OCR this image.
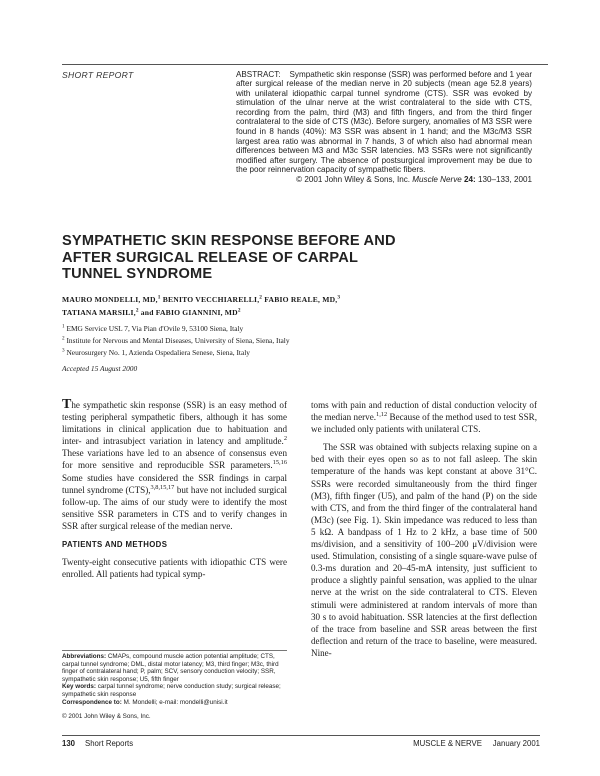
SHORT REPORT	ABSTRACT: Sympathetic skin response (SSR) was performed before and 1 year after surgical release of the median nerve in 20 subjects (mean age 52.8 years) with unilateral idiopathic carpal tunnel syndrome (CTS). SSR was evoked by stimulation of the ulnar nerve at the wrist contralateral to the side with CTS, recording from the palm, third (M3) and fifth fingers, and from the third finger contralateral to the side of CTS (M3c). Before surgery, anomalies of M3 SSR were found in 8 hands (40%): M3 SSR was absent in 1 hand; and the M3c/M3 SSR largest area ratio was abnormal in 7 hands, 3 of which also had abnormal mean differences between M3 and M3c SSR latencies. M3 SSRs were not significantly modified after surgery. The absence of postsurgical improvement may be due to the poor reinnervation capacity of sympathetic fibers.

© 2001 John Wiley & Sons, Inc. Muscle Nerve 24: 130–133, 2001

SYMPATHETIC SKIN RESPONSE BEFORE AND
AFTER SURGICAL RELEASE OF CARPAL
TUNNEL SYNDROME
MAURO MONDELLI, MD,$^1$ BENITO VECCHIARELLI,$^2$ FABIO REALE, MD,$^3$
TATIANA MARSILI,$^2$ and FABIO GIANNINI, $MD^2$
$^1$ EMG Service USL 7, Via Pian d'Ovile 9, 53100 Siena, Italy
$^2$ Institute for Nervous and Mental Diseases, University of Siena, Siena, Italy
$^3$ Neurosurgery No. 1, Azienda Ospedaliera Senese, Siena, Italy
Accepted 15 August 2000

The sympathetic skin response (SSR) is an easy method of testing peripheral sympathetic fibers, although it has some limitations in clinical application due to habituation and inter- and intrasubject variation in latency and amplitude.$^2$ These variations have led to an absence of consensus even for more sensitive and reproducible SSR parameters.$^{15,16}$ Some studies have considered the SSR findings in carpal tunnel syndrome (CTS),$^{3,8,15,17}$ but have not included surgical follow-up. The aims of our study were to identify the most sensitive SSR parameters in CTS and to verify changes in SSR after surgical release of the median nerve.

PATIENTS AND METHODS

Twenty-eight consecutive patients with idiopathic CTS were enrolled. All patients had typical symp-

toms with pain and reduction of distal conduction velocity of the median nerve.$^{1,12}$ Because of the method used to test SSR, we included only patients with unilateral CTS.

The SSR was obtained with subjects relaxing supine on a bed with their eyes open so as to not fall asleep. The skin temperature of the hands was kept constant at above 31°C. SSRs were recorded simultaneously from the third finger (M3), fifth finger (U5), and palm of the hand (P) on the side with CTS, and from the third finger of the contralateral hand (M3c) (see Fig. 1). Skin impedance was reduced to less than 5 kΩ. A bandpass of 1 Hz to 2 kHz, a base time of 500 ms/division, and a sensitivity of 100–200 μV/division were used. Stimulation, consisting of a single square-wave pulse of 0.3-ms duration and 20–45-mA intensity, just sufficient to produce a slightly painful sensation, was applied to the ulnar nerve at the wrist on the side contralateral to CTS. Eleven stimuli were administered at random intervals of more than 30 s to avoid habituation. SSR latencies at the first deflection of the trace from baseline and SSR areas between the first deflection and return of the trace to baseline, were measured. Nine-

Abbreviations: CMAPs, compound muscle action potential amplitude; CTS, carpal tunnel syndrome; DML, distal motor latency; M3, third finger; M3c, third finger of contralateral hand; P, palm; SCV, sensory conduction velocity; SSR, sympathetic skin response; U5, fifth finger

Key words: carpal tunnel syndrome; nerve conduction study; surgical release; sympathetic skin response

Correspondence to: M. Mondelli; e-mail: mondelli@unisi.it

© 2001 John Wiley & Sons, Inc.

130 Short Reports	MUSCLE & NERVE January 2001
